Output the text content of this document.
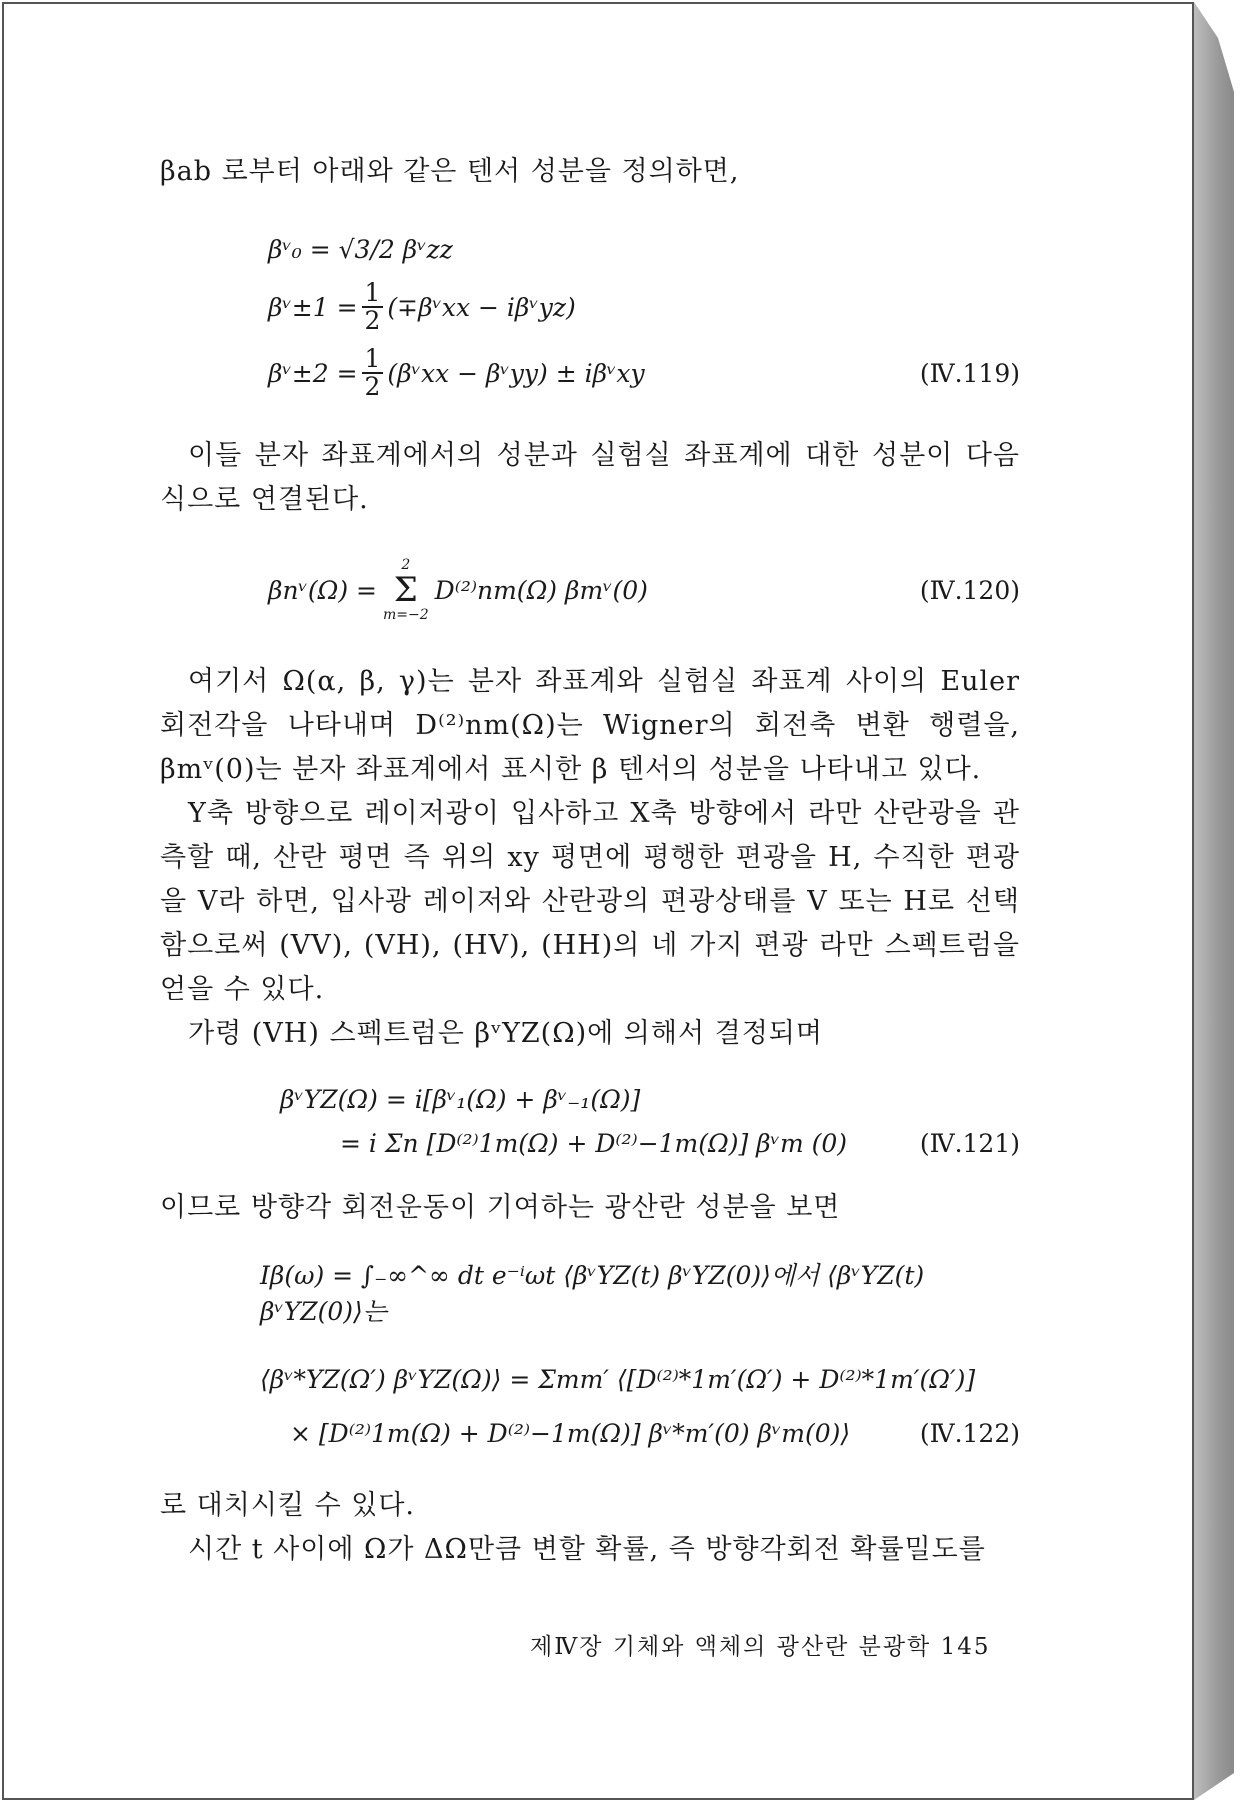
βab 로부터 아래와 같은 텐서 성분을 정의하면,

βᵛ₀ = √3/2 βᵛzz
βᵛ±1 = $\frac{1}{2}$ (∓βᵛxx − iβᵛyz)
βᵛ±2 = $\frac{1}{2}$ (βᵛxx − βᵛyy) ± iβᵛxy	(Ⅳ.119)

이들 분자 좌표계에서의 성분과 실험실 좌표계에 대한 성분이 다음 식으로 연결된다.

βnᵛ(Ω) =
2
Σ
m=−2
D⁽²⁾nm(Ω) βmᵛ(0)	(Ⅳ.120)

여기서 Ω(α, β, γ)는 분자 좌표계와 실험실 좌표계 사이의 Euler 회전각을 나타내며 D⁽²⁾nm(Ω)는 Wigner의 회전축 변환 행렬을, βmᵛ(0)는 분자 좌표계에서 표시한 β 텐서의 성분을 나타내고 있다.

Y축 방향으로 레이저광이 입사하고 X축 방향에서 라만 산란광을 관측할 때, 산란 평면 즉 위의 xy 평면에 평행한 편광을 H, 수직한 편광을 V라 하면, 입사광 레이저와 산란광의 편광상태를 V 또는 H로 선택함으로써 (VV), (VH), (HV), (HH)의 네 가지 편광 라만 스펙트럼을 얻을 수 있다.

가령 (VH) 스펙트럼은 βᵛYZ(Ω)에 의해서 결정되며

βᵛYZ(Ω) = i[βᵛ₁(Ω) + βᵛ₋₁(Ω)]
= i Σn [D⁽²⁾1m(Ω) + D⁽²⁾−1m(Ω)] βᵛm (0)	(Ⅳ.121)

이므로 방향각 회전운동이 기여하는 광산란 성분을 보면

Iβ(ω) = ∫₋∞^∞ dt e⁻ⁱωt ⟨βᵛYZ(t) βᵛYZ(0)⟩에서 ⟨βᵛYZ(t) βᵛYZ(0)⟩는
⟨βᵛ*YZ(Ω′) βᵛYZ(Ω)⟩ = Σmm′ ⟨[D⁽²⁾*1m′(Ω′) + D⁽²⁾*1m′(Ω′)]
× [D⁽²⁾1m(Ω) + D⁽²⁾−1m(Ω)] βᵛ*m′(0) βᵛm(0)⟩	(Ⅳ.122)

로 대치시킬 수 있다.

시간 t 사이에 Ω가 ΔΩ만큼 변할 확률, 즉 방향각회전 확률밀도를

제Ⅳ장 기체와 액체의 광산란 분광학 145
